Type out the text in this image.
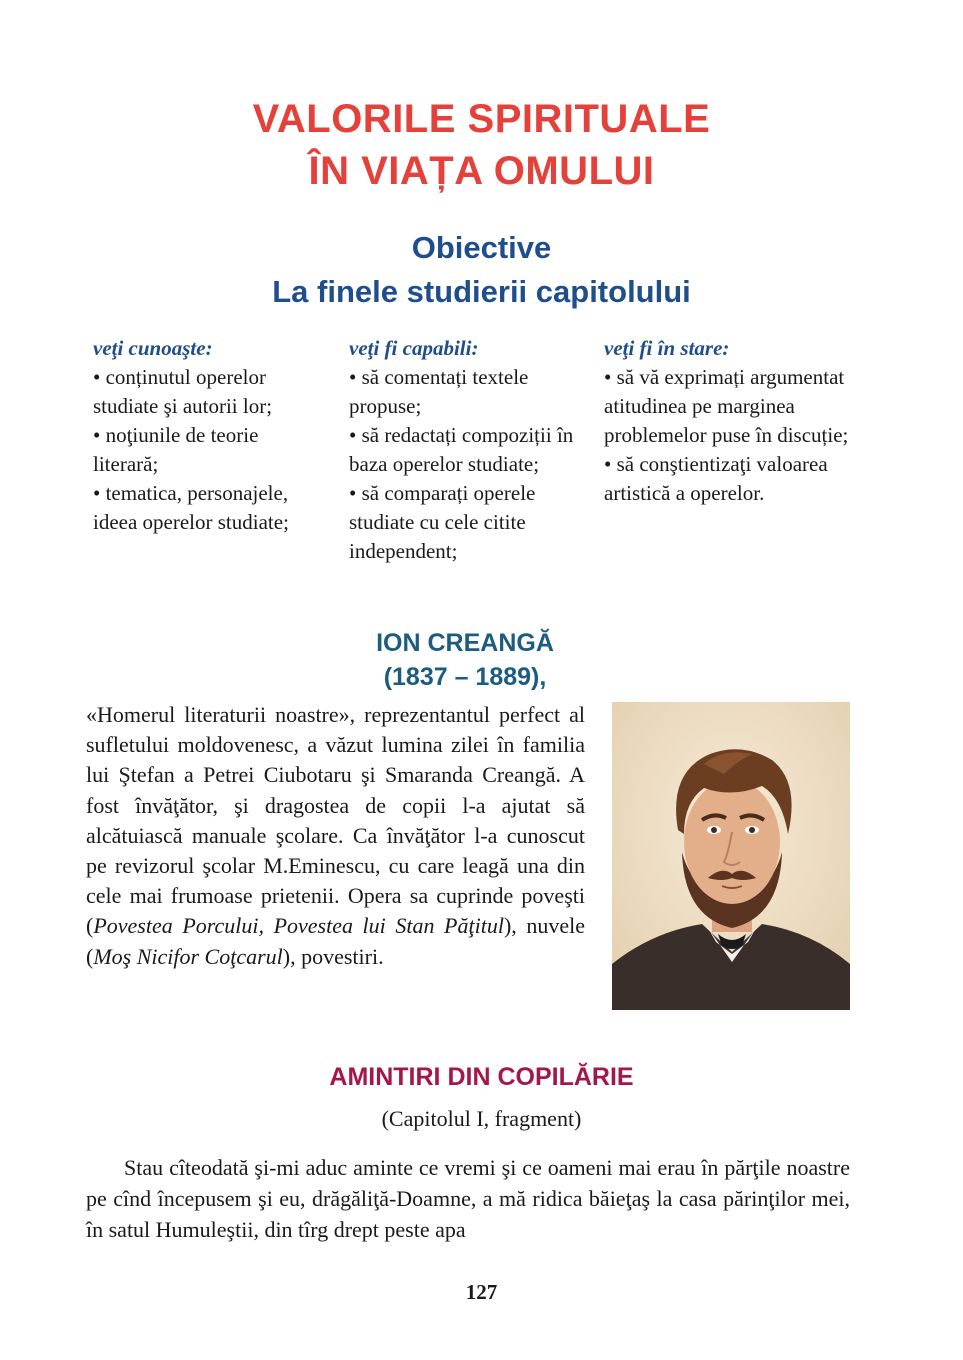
VALORILE SPIRITUALE
ÎN VIAȚA OMULUI
Obiective
La finele studierii capitolului
veţi cunoaşte:
• conținutul operelor studiate şi autorii lor;
• noţiunile de teorie literară;
• tematica, personajele, ideea operelor studiate;
veţi fi capabili:
• să comentați textele propuse;
• să redactați compoziții în baza operelor studiate;
• să comparați operele studiate cu cele citite independent;
veţi fi în stare:
• să vă exprimați argumentat atitudinea pe marginea problemelor puse în discuție;
• să conştientizaţi valoarea artistică a operelor.
ION CREANGĂ
(1837 – 1889),
«Homerul literaturii noastre», reprezentantul perfect al sufletului moldovenesc, a văzut lumina zilei în familia lui Ştefan a Petrei Ciubotaru şi Smaranda Creangă. A fost învăţător, şi dragostea de copii l-a ajutat să alcătuiască manuale şcolare. Ca învăţător l-a cunoscut pe revizorul şcolar M.Eminescu, cu care leagă una din cele mai frumoase prietenii. Opera sa cuprinde poveşti (Povestea Porcului, Povestea lui Stan Păţitul), nuvele (Moş Nicifor Coţcarul), povestiri.
AMINTIRI DIN COPILĂRIE
(Capitolul I, fragment)
Stau cîteodată şi-mi aduc aminte ce vremi şi ce oameni mai erau în părţile noastre pe cînd începusem şi eu, drăgăliţă-Doamne, a mă ridica băieţaş la casa părinţilor mei, în satul Humuleştii, din tîrg drept peste apa
127
